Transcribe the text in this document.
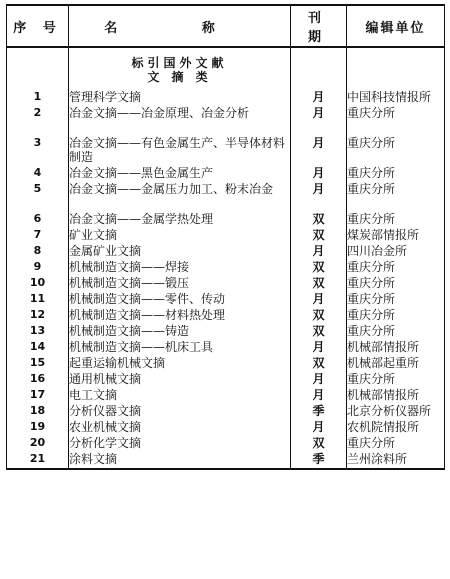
序 号	名 称	刊 期	编辑单位
	标引国外文献		
	文 摘 类		
1	管理科学文摘	月	中国科技情报所
2	冶金文摘——冶金原理、冶金分析	月	重庆分所
3	冶金文摘——有色金属生产、半导体材料制造	月	重庆分所
4	冶金文摘——黑色金属生产	月	重庆分所
5	冶金文摘——金属压力加工、粉末冶金	月	重庆分所
6	冶金文摘——金属学热处理	双	重庆分所
7	矿业文摘	双	煤炭部情报所
8	金属矿业文摘	月	四川冶金所
9	机械制造文摘——焊接	双	重庆分所
10	机械制造文摘——锻压	双	重庆分所
11	机械制造文摘——零件、传动	月	重庆分所
12	机械制造文摘——材料热处理	双	重庆分所
13	机械制造文摘——铸造	双	重庆分所
14	机械制造文摘——机床工具	月	机械部情报所
15	起重运输机械文摘	双	机械部起重所
16	通用机械文摘	月	重庆分所
17	电工文摘	月	机械部情报所
18	分析仪器文摘	季	北京分析仪器所
19	农业机械文摘	月	农机院情报所
20	分析化学文摘	双	重庆分所
21	涂料文摘	季	兰州涂料所
